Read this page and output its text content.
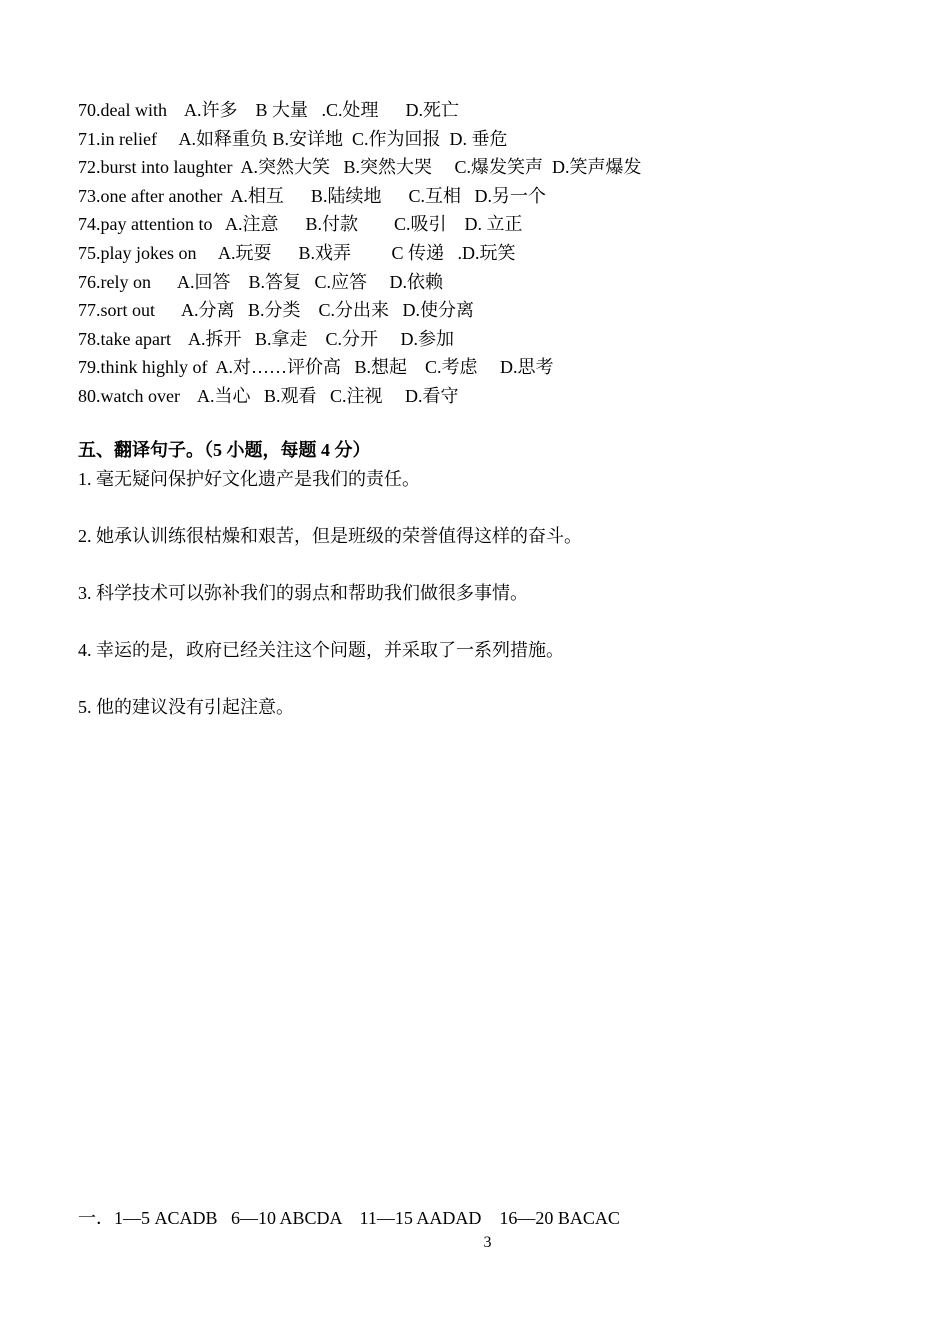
70.deal with    A.许多    B 大量   .C.处理      D.死亡
71.in relief     A.如释重负 B.安详地  C.作为回报  D. 垂危
72.burst into laughter  A.突然大笑   B.突然大哭     C.爆发笑声  D.笑声爆发
73.one after another  A.相互      B.陆续地      C.互相   D.另一个
74.pay attention to   A.注意      B.付款        C.吸引    D. 立正
75.play jokes on     A.玩耍      B.戏弄         C 传递   .D.玩笑
76.rely on      A.回答    B.答复   C.应答     D.依赖
77.sort out      A.分离   B.分类    C.分出来   D.使分离
78.take apart    A.拆开   B.拿走    C.分开     D.参加
79.think highly of  A.对……评价高   B.想起    C.考虑     D.思考
80.watch over    A.当心   B.观看   C.注视     D.看守
五、翻译句子。（5 小题，每题 4 分）
1. 毫无疑问保护好文化遗产是我们的责任。
2. 她承认训练很枯燥和艰苦，但是班级的荣誉值得这样的奋斗。
3. 科学技术可以弥补我们的弱点和帮助我们做很多事情。
4. 幸运的是，政府已经关注这个问题，并采取了一系列措施。
5. 他的建议没有引起注意。
一．1—5 ACADB   6—10 ABCDA    11—15 AADAD    16—20 BACAC
3
